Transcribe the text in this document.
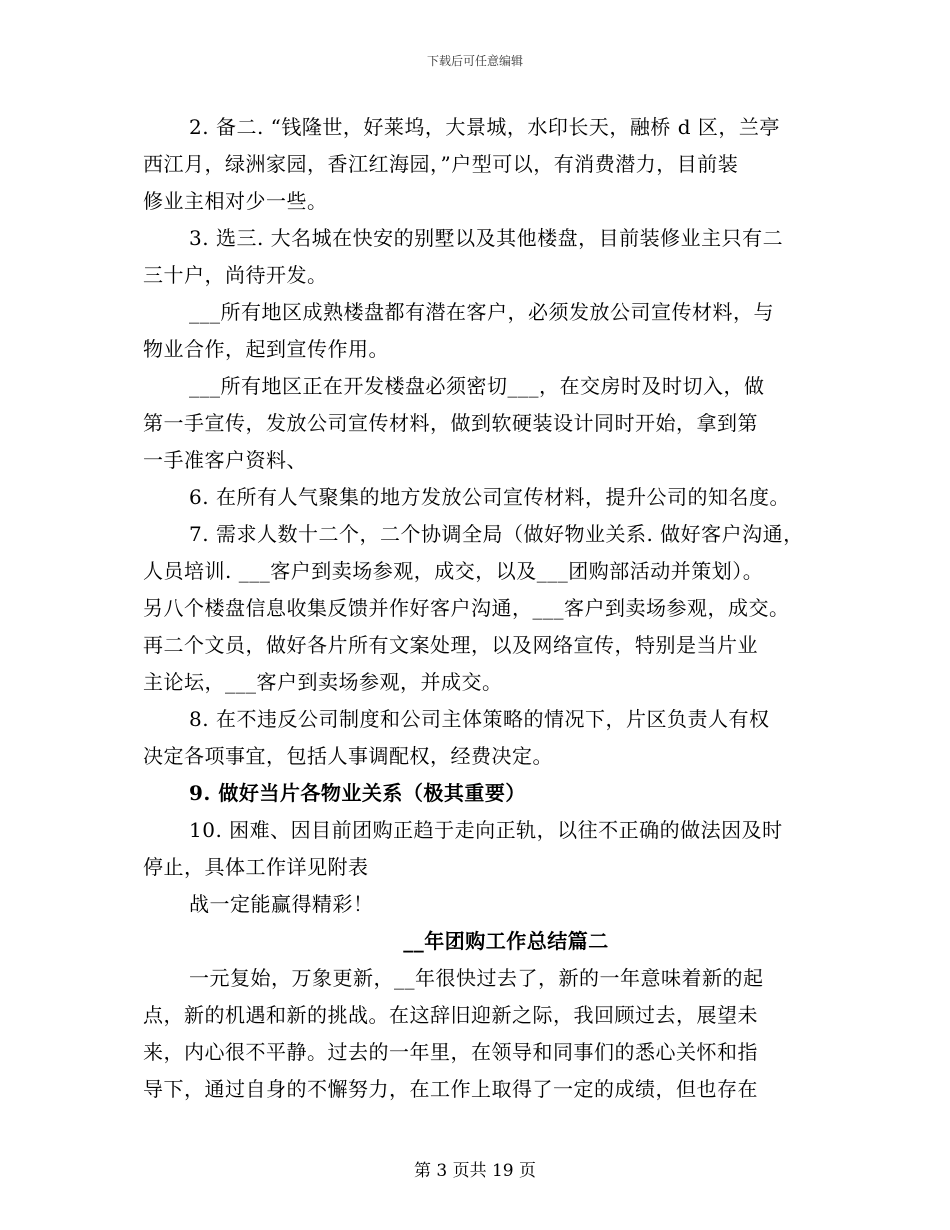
下载后可任意编辑
2. 备二. “钱隆世，好莱坞，大景城，水印长天，融桥 d 区，兰亭
西江月，绿洲家园，香江红海园，”户型可以，有消费潜力，目前装
修业主相对少一些。
3. 选三. 大名城在快安的别墅以及其他楼盘，目前装修业主只有二
三十户，尚待开发。
___所有地区成熟楼盘都有潜在客户，必须发放公司宣传材料，与
物业合作，起到宣传作用。
___所有地区正在开发楼盘必须密切___，在交房时及时切入，做
第一手宣传，发放公司宣传材料，做到软硬装设计同时开始，拿到第
一手准客户资料、
6. 在所有人气聚集的地方发放公司宣传材料，提升公司的知名度。
7. 需求人数十二个，二个协调全局（做好物业关系. 做好客户沟通，
人员培训. ___客户到卖场参观，成交，以及___团购部活动并策划）。
另八个楼盘信息收集反馈并作好客户沟通，___客户到卖场参观，成交。
再二个文员，做好各片所有文案处理，以及网络宣传，特别是当片业
主论坛，___客户到卖场参观，并成交。
8. 在不违反公司制度和公司主体策略的情况下，片区负责人有权
决定各项事宜，包括人事调配权，经费决定。
9. 做好当片各物业关系（极其重要）
10. 困难、因目前团购正趋于走向正轨，以往不正确的做法因及时
停止，具体工作详见附表
战一定能赢得精彩！
__年团购工作总结篇二
一元复始，万象更新，__年很快过去了，新的一年意味着新的起
点，新的机遇和新的挑战。在这辞旧迎新之际，我回顾过去，展望未
来，内心很不平静。过去的一年里，在领导和同事们的悉心关怀和指
导下，通过自身的不懈努力，在工作上取得了一定的成绩，但也存在
第 3 页共 19 页
